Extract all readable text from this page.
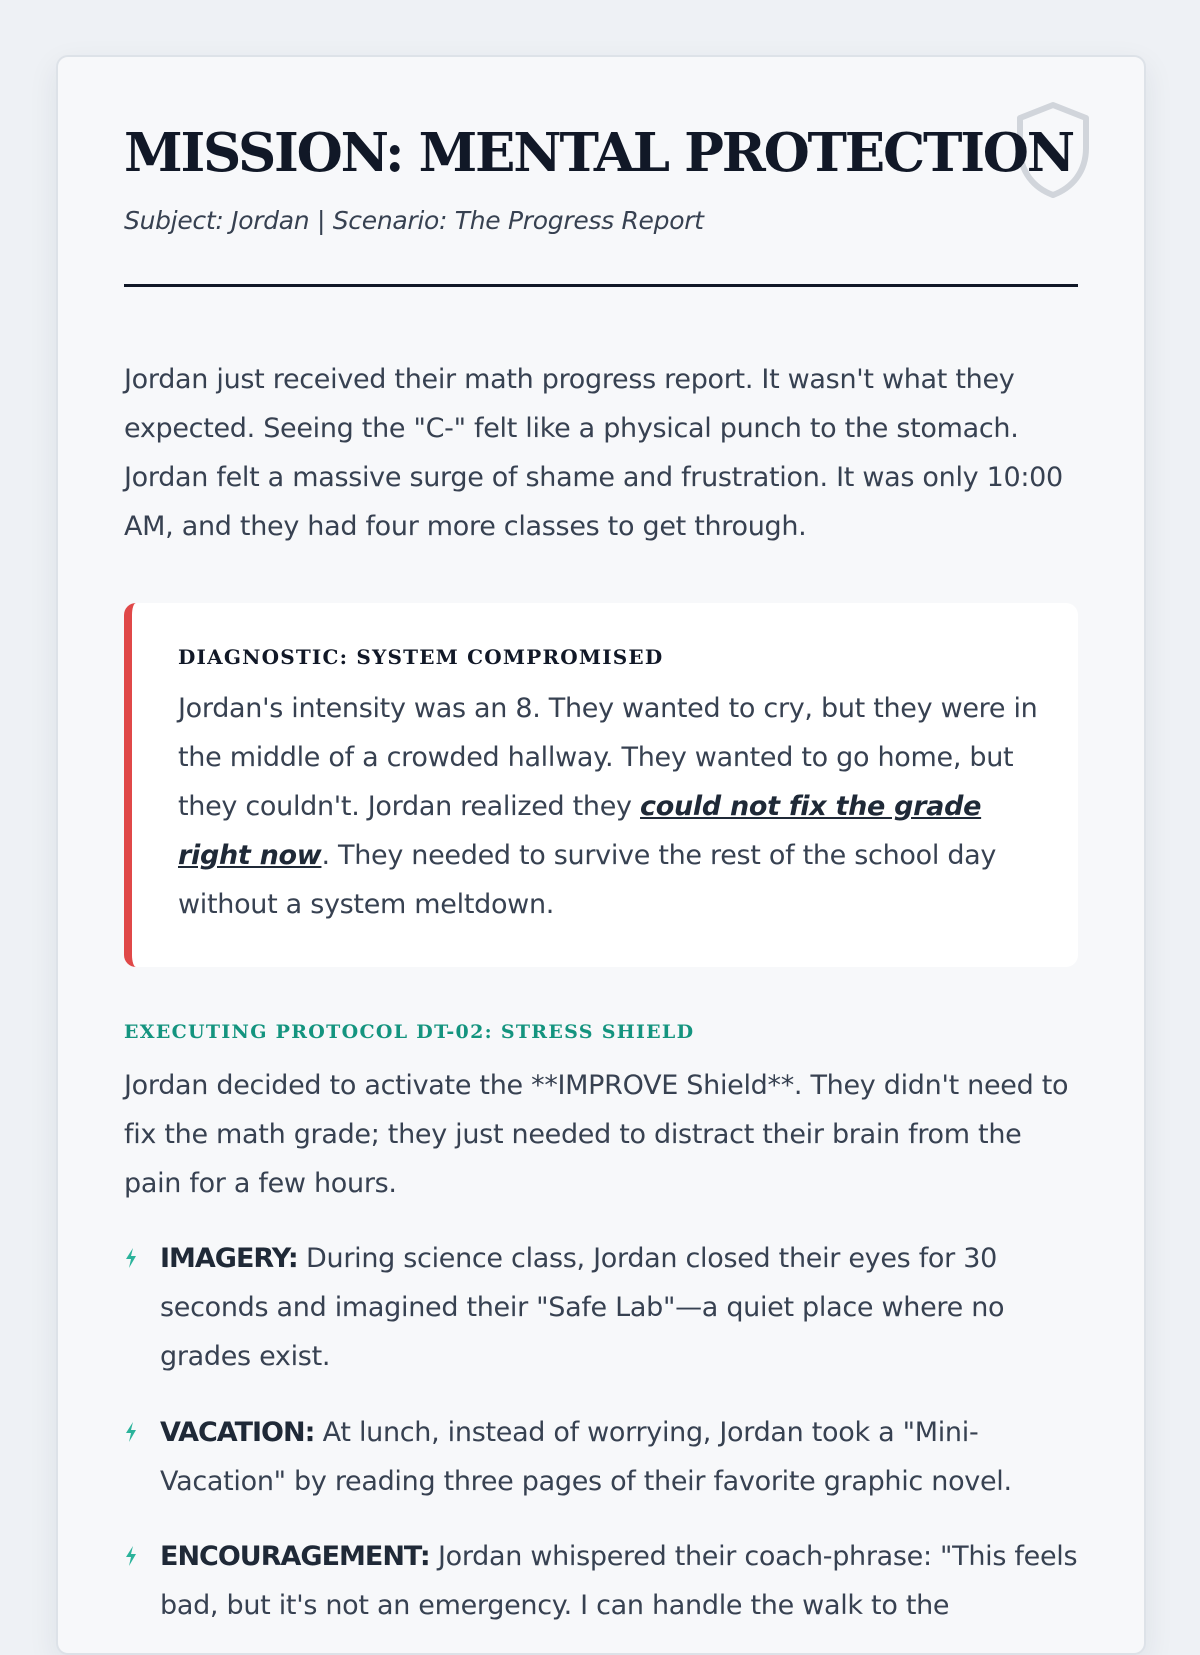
MISSION: MENTAL PROTECTION

Subject: Jordan | Scenario: The Progress Report

Jordan just received their math progress report. It wasn't what they expected. Seeing the "C-" felt like a physical punch to the stomach. Jordan felt a massive surge of shame and frustration. It was only 10:00 AM, and they had four more classes to get through.

DIAGNOSTIC: SYSTEM COMPROMISED

Jordan's intensity was an 8. They wanted to cry, but they were in the middle of a crowded hallway. They wanted to go home, but they couldn't. Jordan realized they could not fix the grade right now. They needed to survive the rest of the school day without a system meltdown.

EXECUTING PROTOCOL DT-02: STRESS SHIELD

Jordan decided to activate the **IMPROVE Shield**. They didn't need to fix the math grade; they just needed to distract their brain from the pain for a few hours.

IMAGERY: During science class, Jordan closed their eyes for 30 seconds and imagined their "Safe Lab"—a quiet place where no grades exist.

VACATION: At lunch, instead of worrying, Jordan took a "Mini-Vacation" by reading three pages of their favorite graphic novel.

ENCOURAGEMENT: Jordan whispered their coach-phrase: "This feels bad, but it's not an emergency. I can handle the walk to the
